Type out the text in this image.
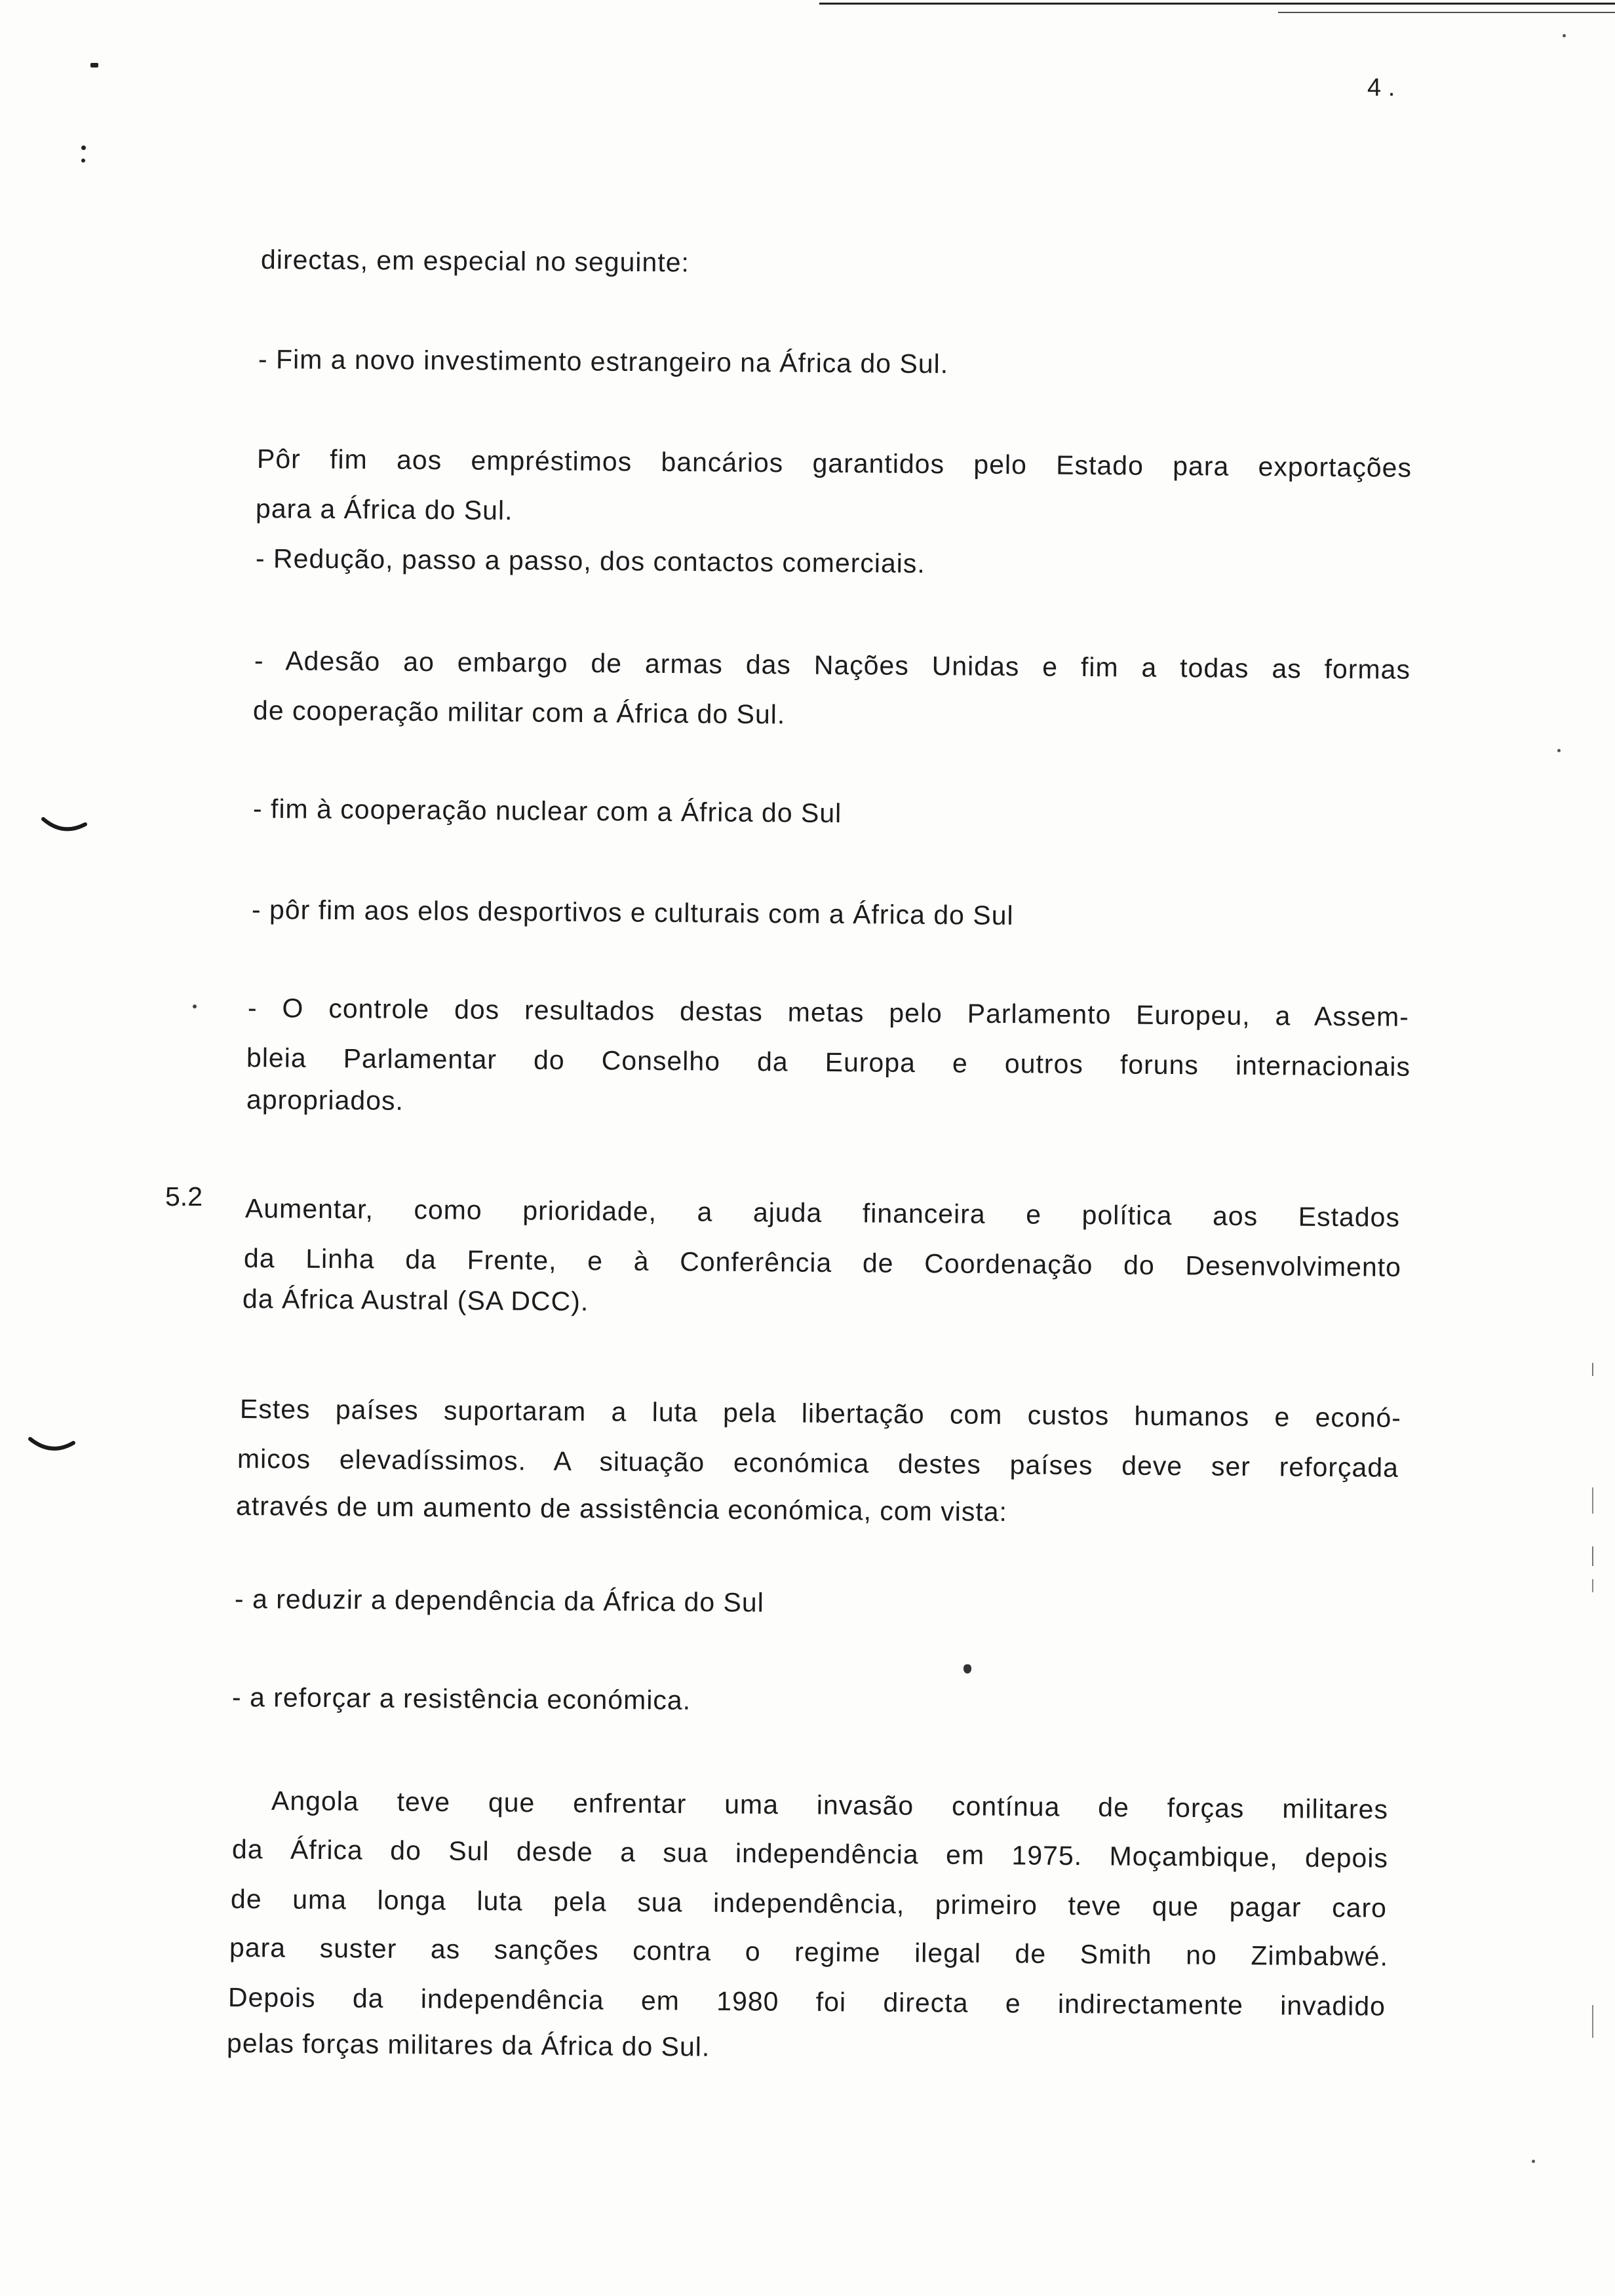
4 .
directas, em especial no seguinte:
- Fim a novo investimento estrangeiro na África do Sul.
Pôr fim aos empréstimos bancários garantidos pelo Estado para exportações
para a África do Sul.
- Redução, passo a passo, dos contactos comerciais.
- Adesão ao embargo de armas das Nações Unidas e fim a todas as formas
de cooperação militar com a África do Sul.
- fim à cooperação nuclear com a África do Sul
- pôr fim aos elos desportivos e culturais com a África do Sul
- O controle dos resultados destas metas pelo Parlamento Europeu, a Assem-
bleia Parlamentar do Conselho da Europa e outros foruns internacionais
apropriados.
5.2 Aumentar, como prioridade, a ajuda financeira e política aos Estados
da Linha da Frente, e à Conferência de Coordenação do Desenvolvimento
da África Austral (SA DCC).
Estes países suportaram a luta pela libertação com custos humanos e econó-
micos elevadíssimos. A situação económica destes países deve ser reforçada
através de um aumento de assistência económica, com vista:
- a reduzir a dependência da África do Sul
- a reforçar a resistência económica.
Angola teve que enfrentar uma invasão contínua de forças militares
da África do Sul desde a sua independência em 1975. Moçambique, depois
de uma longa luta pela sua independência, primeiro teve que pagar caro
para suster as sanções contra o regime ilegal de Smith no Zimbabwé.
Depois da independência em 1980 foi directa e indirectamente invadido
pelas forças militares da África do Sul.
